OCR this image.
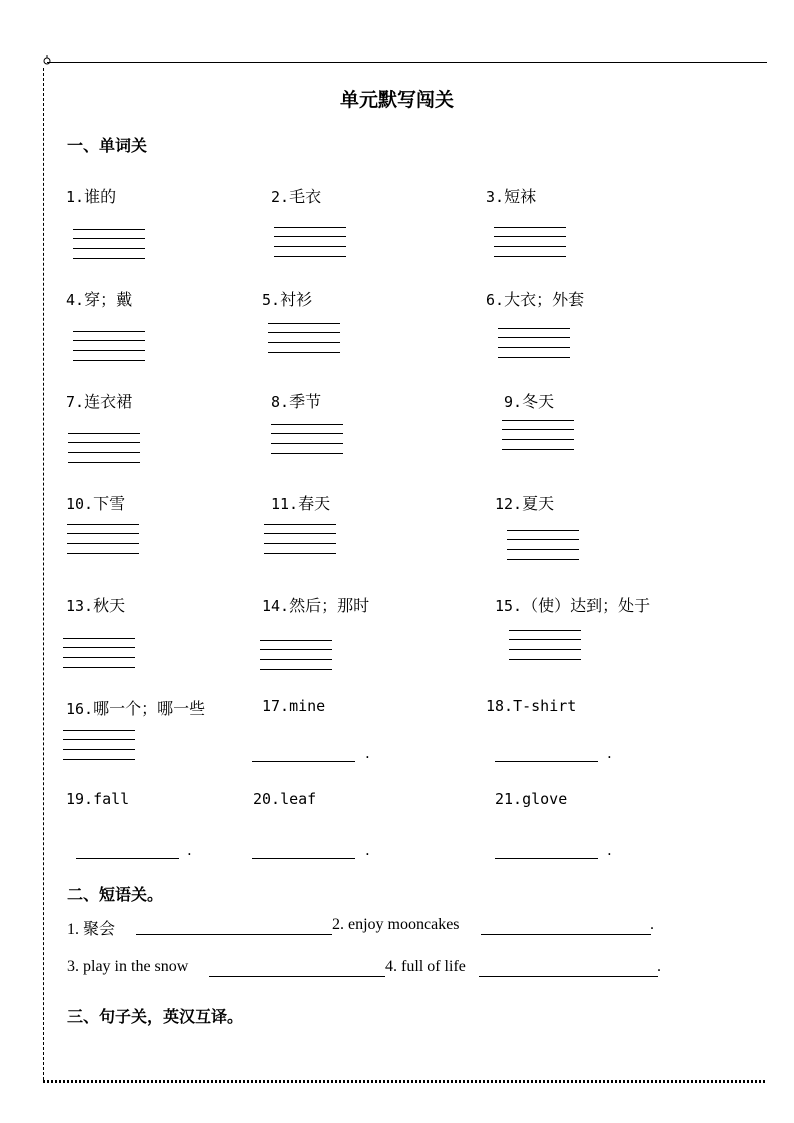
单元默写闯关
一、单词关
1.谁的	2.毛衣	3.短袜
4.穿；戴	5.衬衫	6.大衣；外套
7.连衣裙	8.季节	9.冬天
10.下雪	11.春天	12.夏天
13.秋天	14.然后；那时	15.（使）达到；处于
16.哪一个；哪一些	17.mine
.
18.T-shirt
.
19.fall
.
20.leaf
.
21.glove
.
二、短语关。
1. 聚会	2. enjoy mooncakes	.
3. play in the snow	4. full of life	.
三、句子关，英汉互译。
